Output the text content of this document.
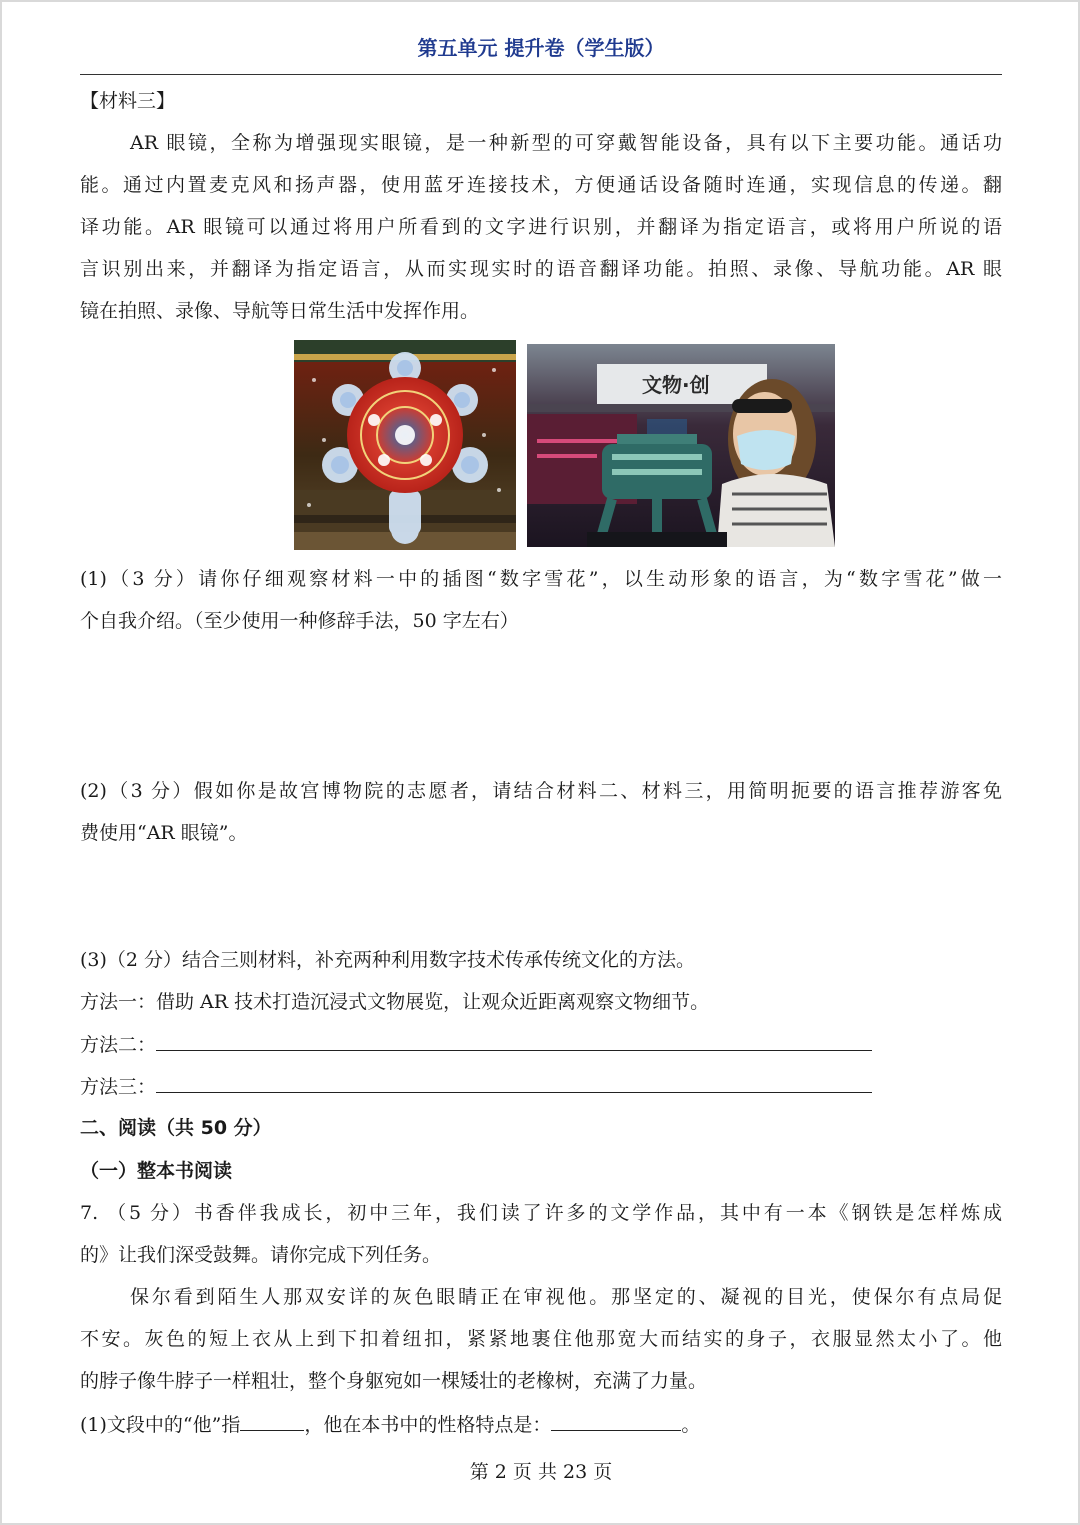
第五单元 提升卷（学生版）
【材料三】
AR 眼镜，全称为增强现实眼镜，是一种新型的可穿戴智能设备，具有以下主要功能。通话功
能。通过内置麦克风和扬声器，使用蓝牙连接技术，方便通话设备随时连通，实现信息的传递。翻
译功能。AR 眼镜可以通过将用户所看到的文字进行识别，并翻译为指定语言，或将用户所说的语
言识别出来，并翻译为指定语言，从而实现实时的语音翻译功能。拍照、录像、导航功能。AR 眼
镜在拍照、录像、导航等日常生活中发挥作用。
文物·创
(1)（3 分）请你仔细观察材料一中的插图“数字雪花”，以生动形象的语言，为“数字雪花”做一
个自我介绍。（至少使用一种修辞手法，50 字左右）
(2)（3 分）假如你是故宫博物院的志愿者，请结合材料二、材料三，用简明扼要的语言推荐游客免
费使用“AR 眼镜”。
(3)（2 分）结合三则材料，补充两种利用数字技术传承传统文化的方法。
方法一：借助 AR 技术打造沉浸式文物展览，让观众近距离观察文物细节。
方法二：
方法三：
二、阅读（共 50 分）
（一）整本书阅读
7. （5 分）书香伴我成长，初中三年，我们读了许多的文学作品，其中有一本《钢铁是怎样炼成
的》让我们深受鼓舞。请你完成下列任务。
保尔看到陌生人那双安详的灰色眼睛正在审视他。那坚定的、凝视的目光，使保尔有点局促
不安。灰色的短上衣从上到下扣着纽扣，紧紧地裹住他那宽大而结实的身子，衣服显然太小了。他
的脖子像牛脖子一样粗壮，整个身躯宛如一棵矮壮的老橡树，充满了力量。
(1)文段中的“他”指	，他在本书中的性格特点是：	。
第 2 页 共 23 页
